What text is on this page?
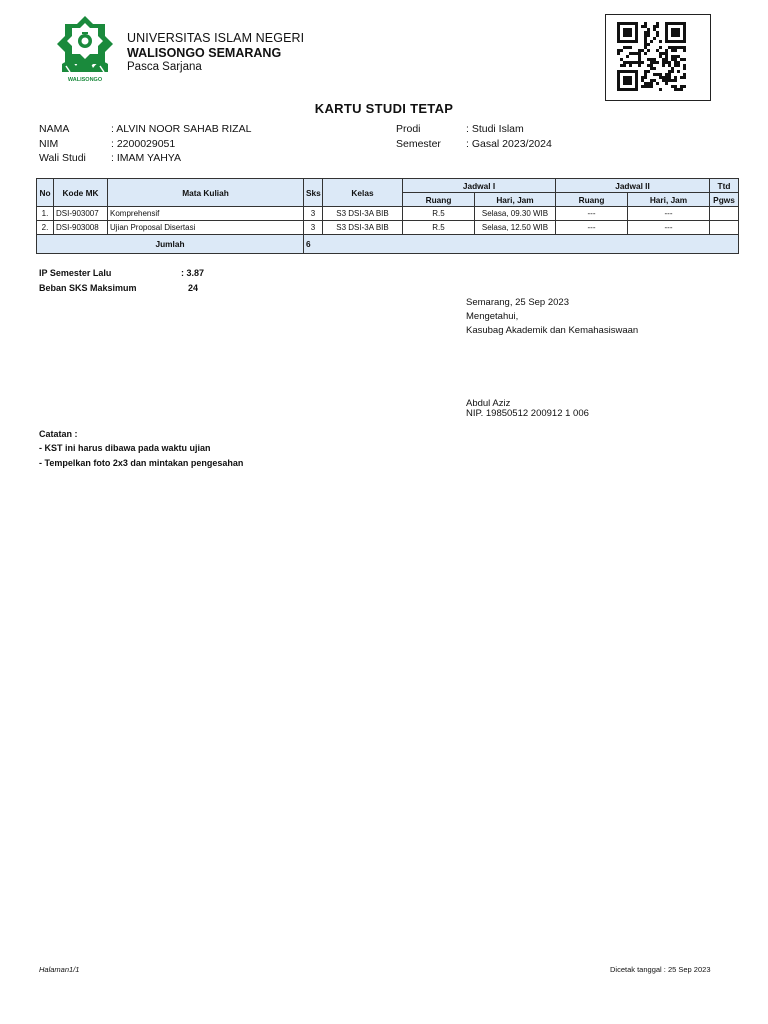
WALISONGO
UNIVERSITAS ISLAM NEGERI
WALISONGO SEMARANG
Pasca Sarjana
KARTU STUDI TETAP
NAMA	: ALVIN NOOR SAHAB RIZAL
NIM	: 2200029051
Wali Studi : IMAM YAHYA
Prodi	: Studi Islam
Semester : Gasal 2023/2024
No	Kode MK	Mata Kuliah	Sks	Kelas	Jadwal I		Jadwal II		Ttd
					Ruang	Hari, Jam	Ruang	Hari, Jam	Pgws
1.	DSI-903007	Komprehensif	3	S3 DSI-3A BIB	R.5	Selasa, 09.30 WIB	---	---	
2.	DSI-903008	Ujian Proposal Disertasi	3	S3 DSI-3A BIB	R.5	Selasa, 12.50 WIB	---	---	
Jumlah			6						
IP Semester Lalu	: 3.87
Beban SKS Maksimum	24
Semarang, 25 Sep 2023
Mengetahui,
Kasubag Akademik dan Kemahasiswaan
Abdul Aziz
NIP. 19850512 200912 1 006
Catatan :
- KST ini harus dibawa pada waktu ujian
- Tempelkan foto 2x3 dan mintakan pengesahan
Halaman1/1	Dicetak tanggal : 25 Sep 2023
